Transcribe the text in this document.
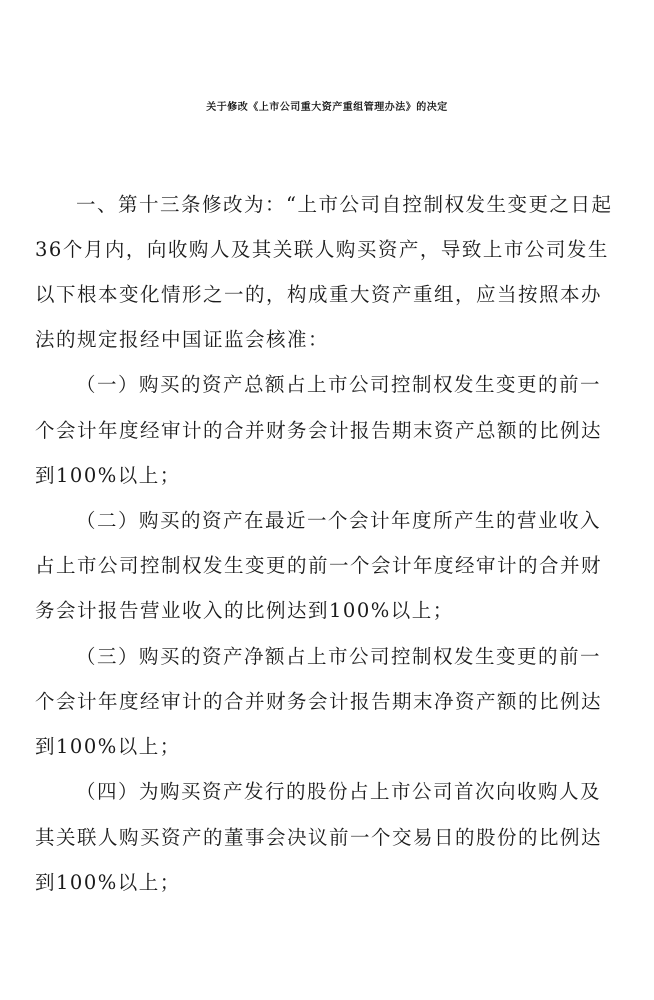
关于修改《上市公司重大资产重组管理办法》的决定
一、第十三条修改为：“上市公司自控制权发生变更之日起
36个月内，向收购人及其关联人购买资产，导致上市公司发生
以下根本变化情形之一的，构成重大资产重组，应当按照本办
法的规定报经中国证监会核准：
（一）购买的资产总额占上市公司控制权发生变更的前一
个会计年度经审计的合并财务会计报告期末资产总额的比例达
到100%以上；
（二）购买的资产在最近一个会计年度所产生的营业收入
占上市公司控制权发生变更的前一个会计年度经审计的合并财
务会计报告营业收入的比例达到100%以上；
（三）购买的资产净额占上市公司控制权发生变更的前一
个会计年度经审计的合并财务会计报告期末净资产额的比例达
到100%以上；
（四）为购买资产发行的股份占上市公司首次向收购人及
其关联人购买资产的董事会决议前一个交易日的股份的比例达
到100%以上；
